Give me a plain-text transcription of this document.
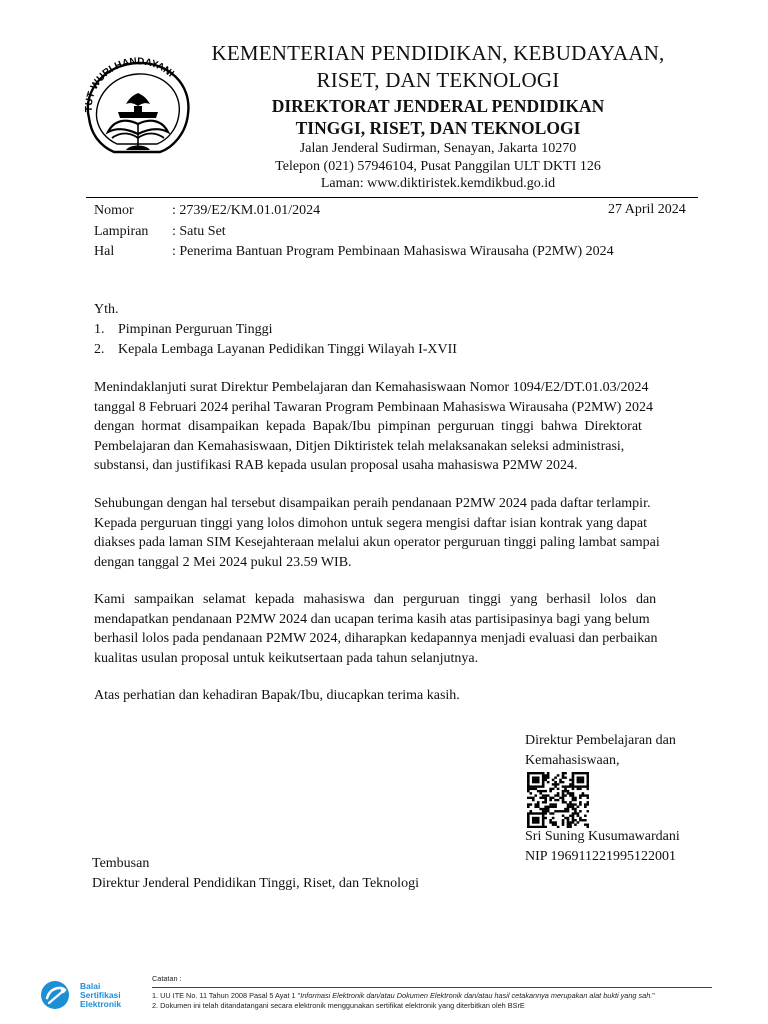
TUT WURI HANDAYANI
KEMENTERIAN PENDIDIKAN, KEBUDAYAAN,
RISET, DAN TEKNOLOGI
DIREKTORAT JENDERAL PENDIDIKAN
TINGGI, RISET, DAN TEKNOLOGI
Jalan Jenderal Sudirman, Senayan, Jakarta 10270
Telepon (021) 57946104, Pusat Panggilan ULT DKTI 126
Laman: www.diktiristek.kemdikbud.go.id
Nomor	: 2739/E2/KM.01.01/2024	27 April 2024
Lampiran : Satu Set
Hal	: Penerima Bantuan Program Pembinaan Mahasiswa Wirausaha (P2MW) 2024
Yth.
1. Pimpinan Perguruan Tinggi
2. Kepala Lembaga Layanan Pedidikan Tinggi Wilayah I-XVII
Menindaklanjuti surat Direktur Pembelajaran dan Kemahasiswaan Nomor 1094/E2/DT.01.03/2024
tanggal 8 Februari 2024 perihal Tawaran Program Pembinaan Mahasiswa Wirausaha (P2MW) 2024
dengan hormat disampaikan kepada Bapak/Ibu pimpinan perguruan tinggi bahwa Direktorat
Pembelajaran dan Kemahasiswaan, Ditjen Diktiristek telah melaksanakan seleksi administrasi,
substansi, dan justifikasi RAB kepada usulan proposal usaha mahasiswa P2MW 2024.
Sehubungan dengan hal tersebut disampaikan peraih pendanaan P2MW 2024 pada daftar terlampir.
Kepada perguruan tinggi yang lolos dimohon untuk segera mengisi daftar isian kontrak yang dapat
diakses pada laman SIM Kesejahteraan melalui akun operator perguruan tinggi paling lambat sampai
dengan tanggal 2 Mei 2024 pukul 23.59 WIB.
Kami sampaikan selamat kepada mahasiswa dan perguruan tinggi yang berhasil lolos dan
mendapatkan pendanaan P2MW 2024 dan ucapan terima kasih atas partisipasinya bagi yang belum
berhasil lolos pada pendanaan P2MW 2024, diharapkan kedapannya menjadi evaluasi dan perbaikan
kualitas usulan proposal untuk keikutsertaan pada tahun selanjutnya.
Atas perhatian dan kehadiran Bapak/Ibu, diucapkan terima kasih.
Direktur Pembelajaran dan
Kemahasiswaan,
Sri Suning Kusumawardani
NIP 196911221995122001
Tembusan
Direktur Jenderal Pendidikan Tinggi, Riset, dan Teknologi
Balai
Sertifikasi
Elektronik
Catatan :
1. UU ITE No. 11 Tahun 2008 Pasal 5 Ayat 1 "Informasi Elektronik dan/atau Dokumen Elektronik dan/atau hasil cetakannya merupakan alat bukti yang sah."
2. Dokumen ini telah ditandatangani secara elektronik menggunakan sertifikat elektronik yang diterbitkan oleh BSrE
